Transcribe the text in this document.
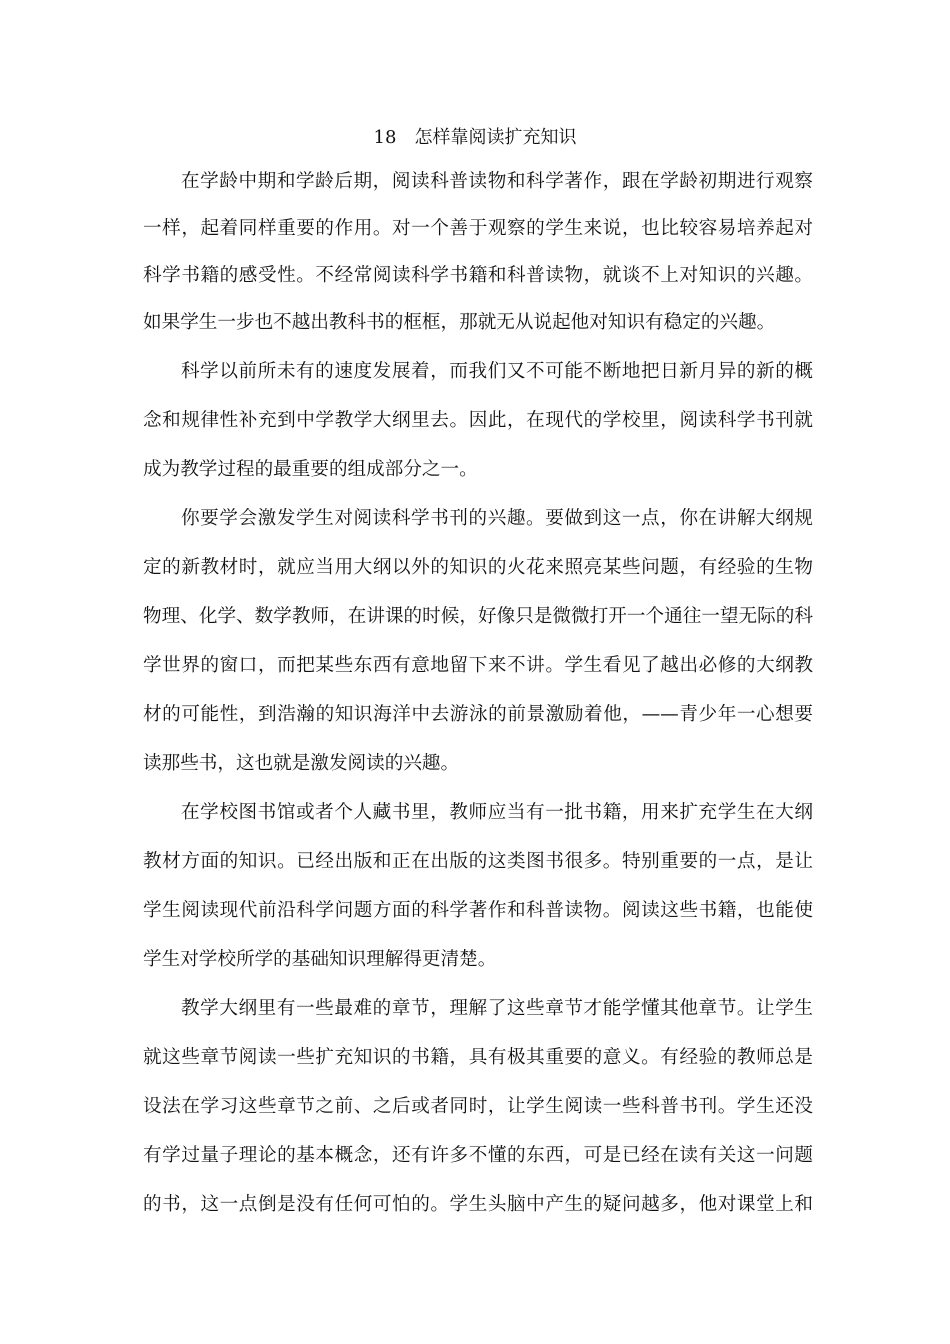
18　怎样靠阅读扩充知识
在学龄中期和学龄后期，阅读科普读物和科学著作，跟在学龄初期进行观察
一样，起着同样重要的作用。对一个善于观察的学生来说，也比较容易培养起对
科学书籍的感受性。不经常阅读科学书籍和科普读物，就谈不上对知识的兴趣。
如果学生一步也不越出教科书的框框，那就无从说起他对知识有稳定的兴趣。
科学以前所未有的速度发展着，而我们又不可能不断地把日新月异的新的概
念和规律性补充到中学教学大纲里去。因此，在现代的学校里，阅读科学书刊就
成为教学过程的最重要的组成部分之一。
你要学会激发学生对阅读科学书刊的兴趣。要做到这一点，你在讲解大纲规
定的新教材时，就应当用大纲以外的知识的火花来照亮某些问题，有经验的生物
物理、化学、数学教师，在讲课的时候，好像只是微微打开一个通往一望无际的科
学世界的窗口，而把某些东西有意地留下来不讲。学生看见了越出必修的大纲教
材的可能性，到浩瀚的知识海洋中去游泳的前景激励着他，——青少年一心想要
读那些书，这也就是激发阅读的兴趣。
在学校图书馆或者个人藏书里，教师应当有一批书籍，用来扩充学生在大纲
教材方面的知识。已经出版和正在出版的这类图书很多。特别重要的一点，是让
学生阅读现代前沿科学问题方面的科学著作和科普读物。阅读这些书籍，也能使
学生对学校所学的基础知识理解得更清楚。
教学大纲里有一些最难的章节，理解了这些章节才能学懂其他章节。让学生
就这些章节阅读一些扩充知识的书籍，具有极其重要的意义。有经验的教师总是
设法在学习这些章节之前、之后或者同时，让学生阅读一些科普书刊。学生还没
有学过量子理论的基本概念，还有许多不懂的东西，可是已经在读有关这一问题
的书，这一点倒是没有任何可怕的。学生头脑中产生的疑问越多，他对课堂上和
